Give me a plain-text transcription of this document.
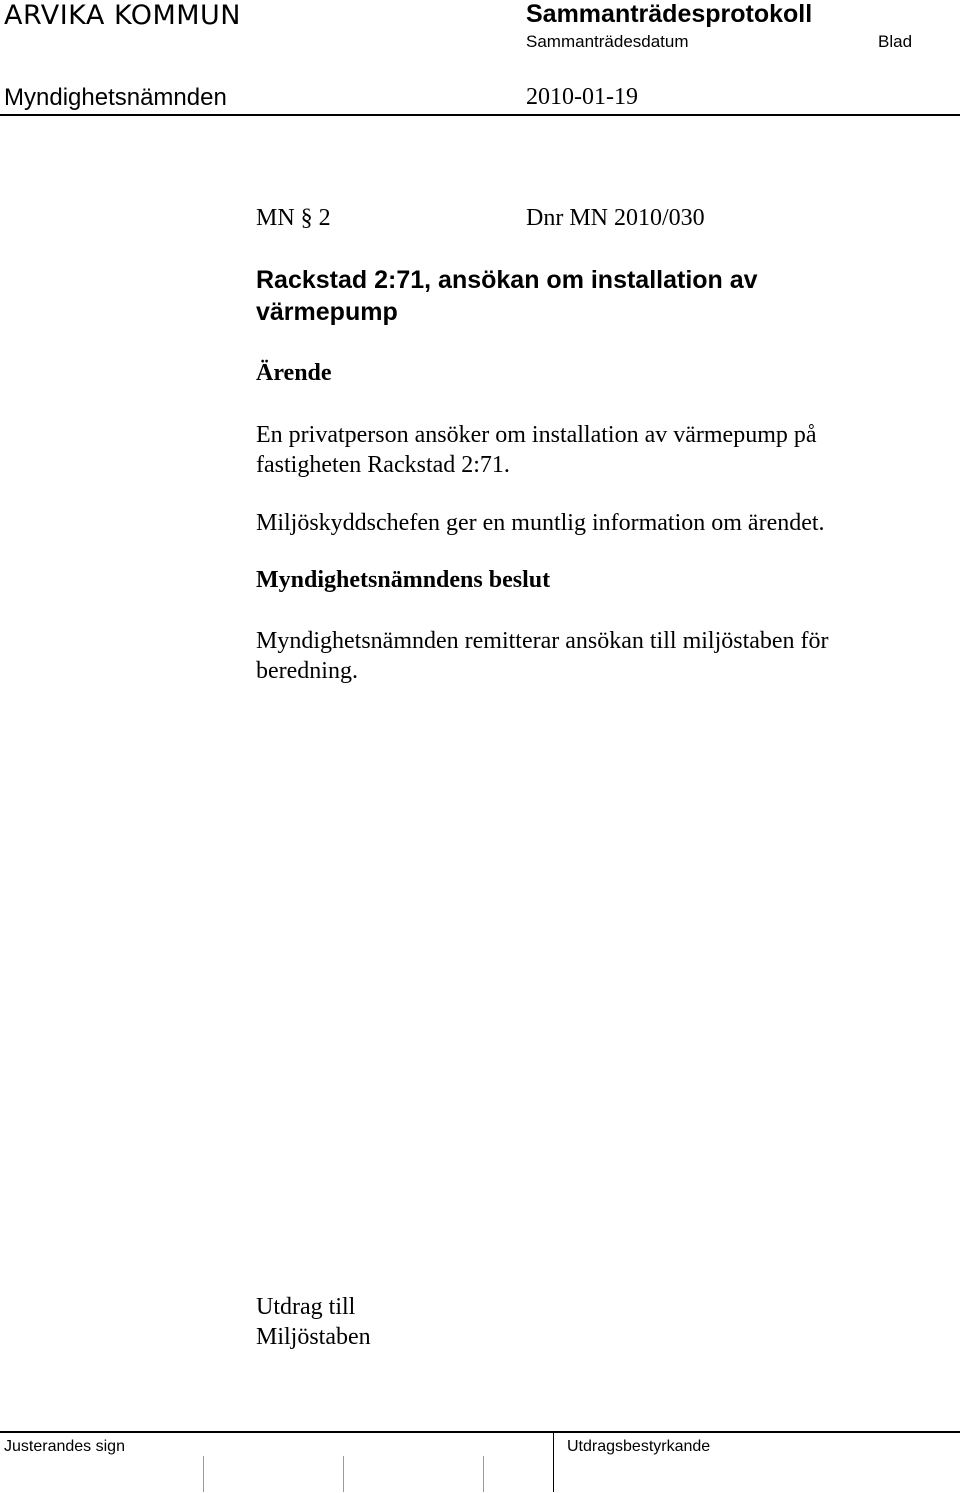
ARVIKA KOMMUN	Sammanträdesprotokoll
Sammanträdesdatum	Blad
Myndighetsnämnden	2010-01-19
MN § 2	Dnr MN 2010/030
Rackstad 2:71, ansökan om installation av värmepump
Ärende
En privatperson ansöker om installation av värmepump på fastigheten Rackstad 2:71.
Miljöskyddschefen ger en muntlig information om ärendet.
Myndighetsnämndens beslut
Myndighetsnämnden remitterar ansökan till miljöstaben för beredning.
Utdrag till
Miljöstaben
Justerandes sign	Utdragsbestyrkande
